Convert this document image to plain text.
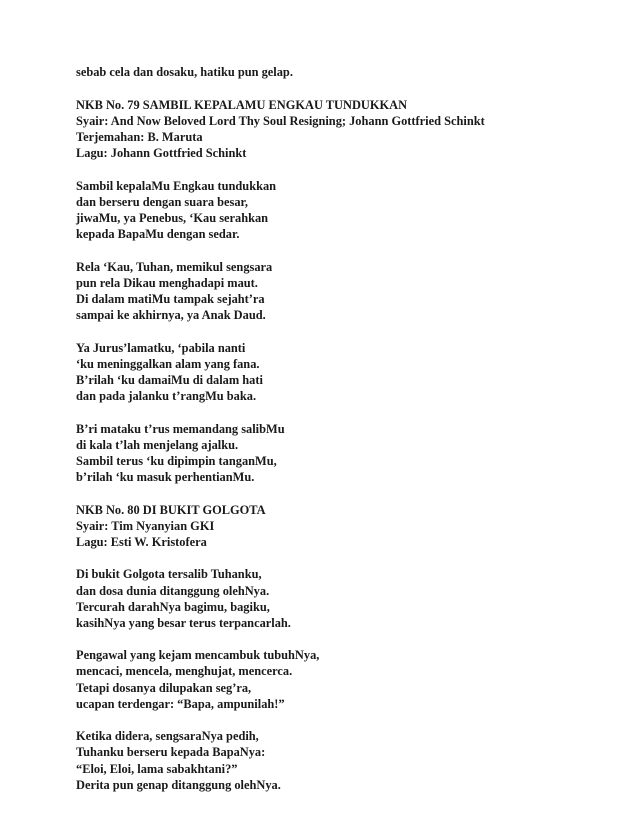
sebab cela dan dosaku, hatiku pun gelap.
NKB No. 79 SAMBIL KEPALAMU ENGKAU TUNDUKKAN
Syair: And Now Beloved Lord Thy Soul Resigning; Johann Gottfried Schinkt
Terjemahan: B. Maruta
Lagu: Johann Gottfried Schinkt
Sambil kepalaMu Engkau tundukkan
dan berseru dengan suara besar,
jiwaMu, ya Penebus, ‘Kau serahkan
kepada BapaMu dengan sedar.
Rela ‘Kau, Tuhan, memikul sengsara
pun rela Dikau menghadapi maut.
Di dalam matiMu tampak sejaht’ra
sampai ke akhirnya, ya Anak Daud.
Ya Jurus’lamatku, ‘pabila nanti
‘ku meninggalkan alam yang fana.
B’rilah ‘ku damaiMu di dalam hati
dan pada jalanku t’rangMu baka.
B’ri mataku t’rus memandang salibMu
di kala t’lah menjelang ajalku.
Sambil terus ‘ku dipimpin tanganMu,
b’rilah ‘ku masuk perhentianMu.
NKB No. 80 DI BUKIT GOLGOTA
Syair: Tim Nyanyian GKI
Lagu: Esti W. Kristofera
Di bukit Golgota tersalib Tuhanku,
dan dosa dunia ditanggung olehNya.
Tercurah darahNya bagimu, bagiku,
kasihNya yang besar terus terpancarlah.
Pengawal yang kejam mencambuk tubuhNya,
mencaci, mencela, menghujat, mencerca.
Tetapi dosanya dilupakan seg’ra,
ucapan terdengar: “Bapa, ampunilah!”
Ketika didera, sengsaraNya pedih,
Tuhanku berseru kepada BapaNya:
“Eloi, Eloi, lama sabakhtani?”
Derita pun genap ditanggung olehNya.
